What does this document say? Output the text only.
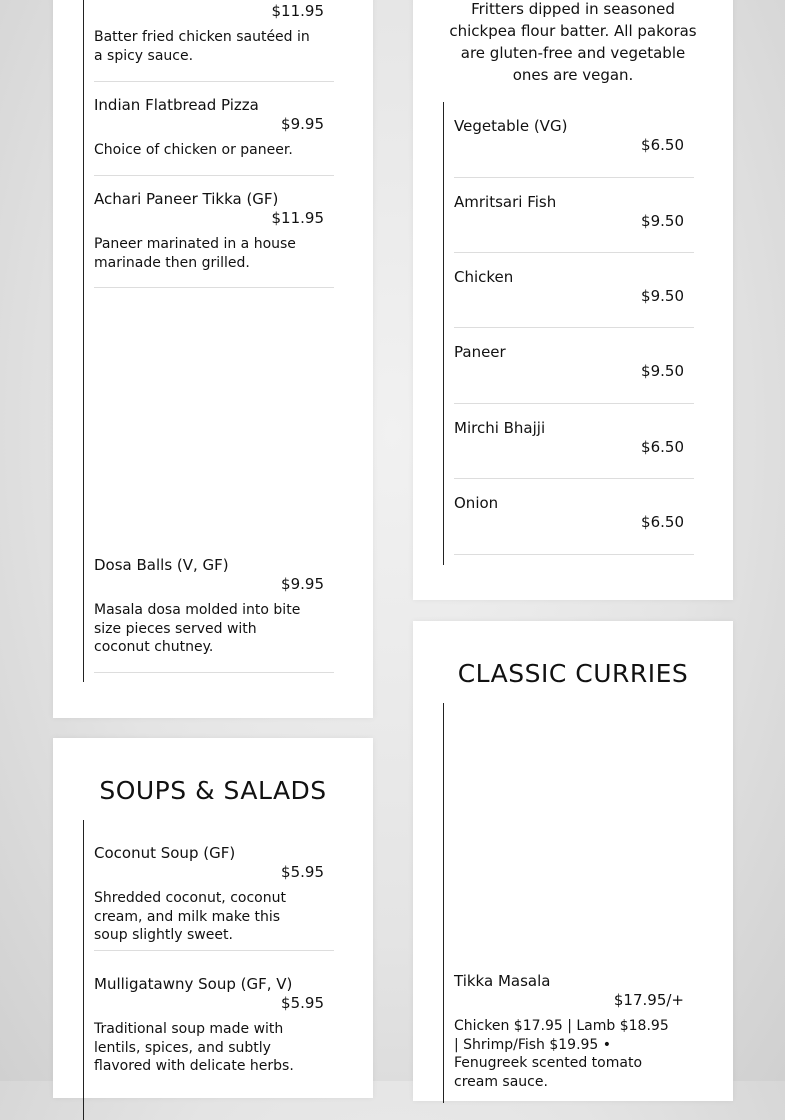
$11.95
Batter fried chicken sautéed in a spicy sauce.
Indian Flatbread Pizza
$9.95
Choice of chicken or paneer.
Achari Paneer Tikka (GF)
$11.95
Paneer marinated in a house marinade then grilled.
Dosa Balls (V, GF)
$9.95
Masala dosa molded into bite size pieces served with coconut chutney.
SOUPS & SALADS
Coconut Soup (GF)
$5.95
Shredded coconut, coconut cream, and milk make this soup slightly sweet.
Mulligatawny Soup (GF, V)
$5.95
Traditional soup made with lentils, spices, and subtly flavored with delicate herbs.
Fritters dipped in seasoned chickpea flour batter. All pakoras are gluten-free and vegetable ones are vegan.
Vegetable (VG)
$6.50
Amritsari Fish
$9.50
Chicken
$9.50
Paneer
$9.50
Mirchi Bhajji
$6.50
Onion
$6.50
CLASSIC CURRIES
Tikka Masala
$17.95/+
Chicken $17.95 | Lamb $18.95 | Shrimp/Fish $19.95 • Fenugreek scented tomato cream sauce.
